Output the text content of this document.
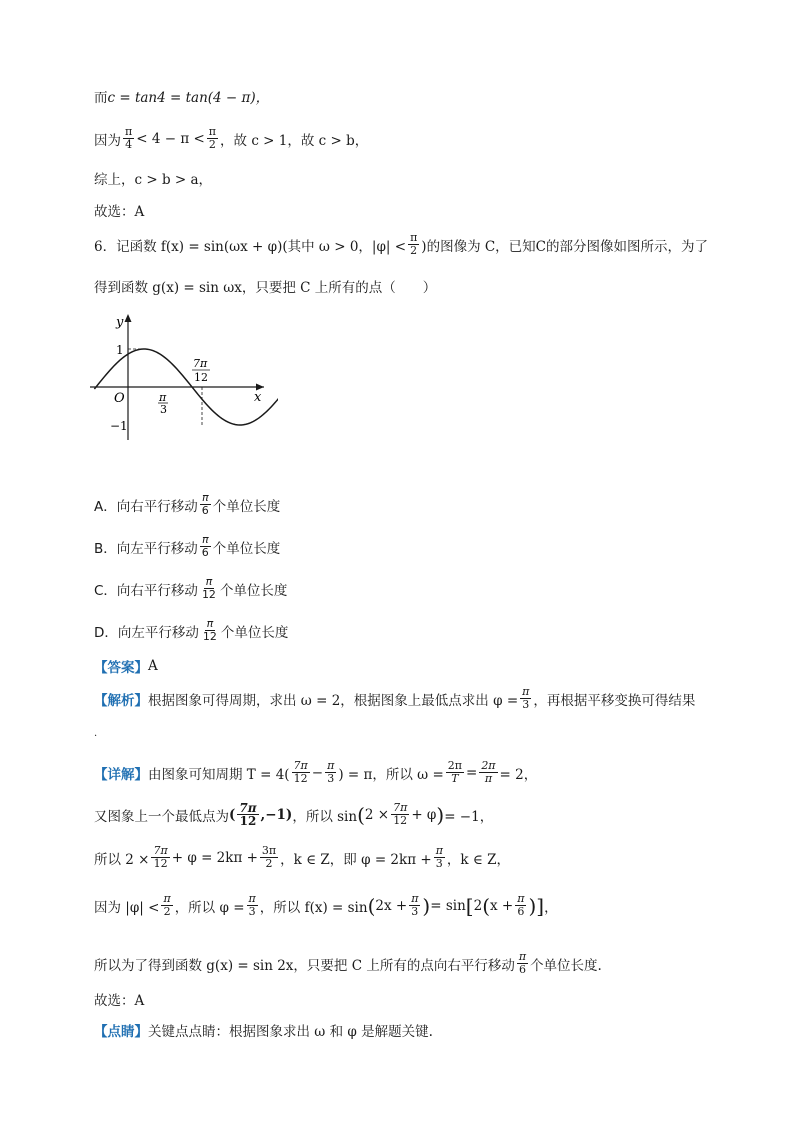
而 c = tan4 = tan(4 − π)，
因为 $\frac{\pi}{4} < 4 - \pi < \frac{\pi}{2}$ ，故 c > 1，故 c > b，
综上，c > b > a，
故选：A
6．记函数 f(x) = sin(ωx + φ)(其中 ω > 0，$|\varphi| < \frac{\pi}{2}$ )的图像为 C，已知C的部分图像如图所示，为了
得到函数 g(x) = sin ωx，只要把 C 上所有的点（　　）
y
x
O
1
−1
π
3
7π
12
A．向右平行移动 $\frac{\pi}{6}$ 个单位长度
B．向左平行移动 $\frac{\pi}{6}$ 个单位长度
C．向右平行移动 $\frac{\pi}{12}$ 个单位长度
D．向左平行移动 $\frac{\pi}{12}$ 个单位长度
【答案】 A
【解析】 根据图象可得周期，求出 ω = 2，根据图象上最低点求出 $\varphi = \frac{\pi}{3}$ ，再根据平移变换可得结果
.
【详解】 由图象可知周期 $T = 4( \frac{7\pi}{12} - \frac{\pi}{3}$ ) = π，所以 $\omega = \frac{2\pi}{T} = \frac{2\pi}{\pi} = 2$，
又图象上一个最低点为 ( $\frac{7\pi}{12} ,-1$) ，所以 sin ( $2 \times \frac{7\pi}{12} + \varphi$ ) = −1，
所以 $2 \times \frac{7\pi}{12} + \varphi = 2k\pi + \frac{3\pi}{2}$ ，k ∈ Z，即 $\varphi = 2k\pi + \frac{\pi}{3}$ ，k ∈ Z，
因为 $|\varphi| < \frac{\pi}{2}$ ，所以 $\varphi = \frac{\pi}{3}$ ，所以 f(x) = sin ( $2x + \frac{\pi}{3}$ ) = sin [ 2 ( $x + \frac{\pi}{6}$ ) ] ，
所以为了得到函数 g(x) = sin 2x，只要把 C 上所有的点向右平行移动 $\frac{\pi}{6}$ 个单位长度.
故选：A
【点睛】 关键点点睛：根据图象求出 ω 和 φ 是解题关键.
